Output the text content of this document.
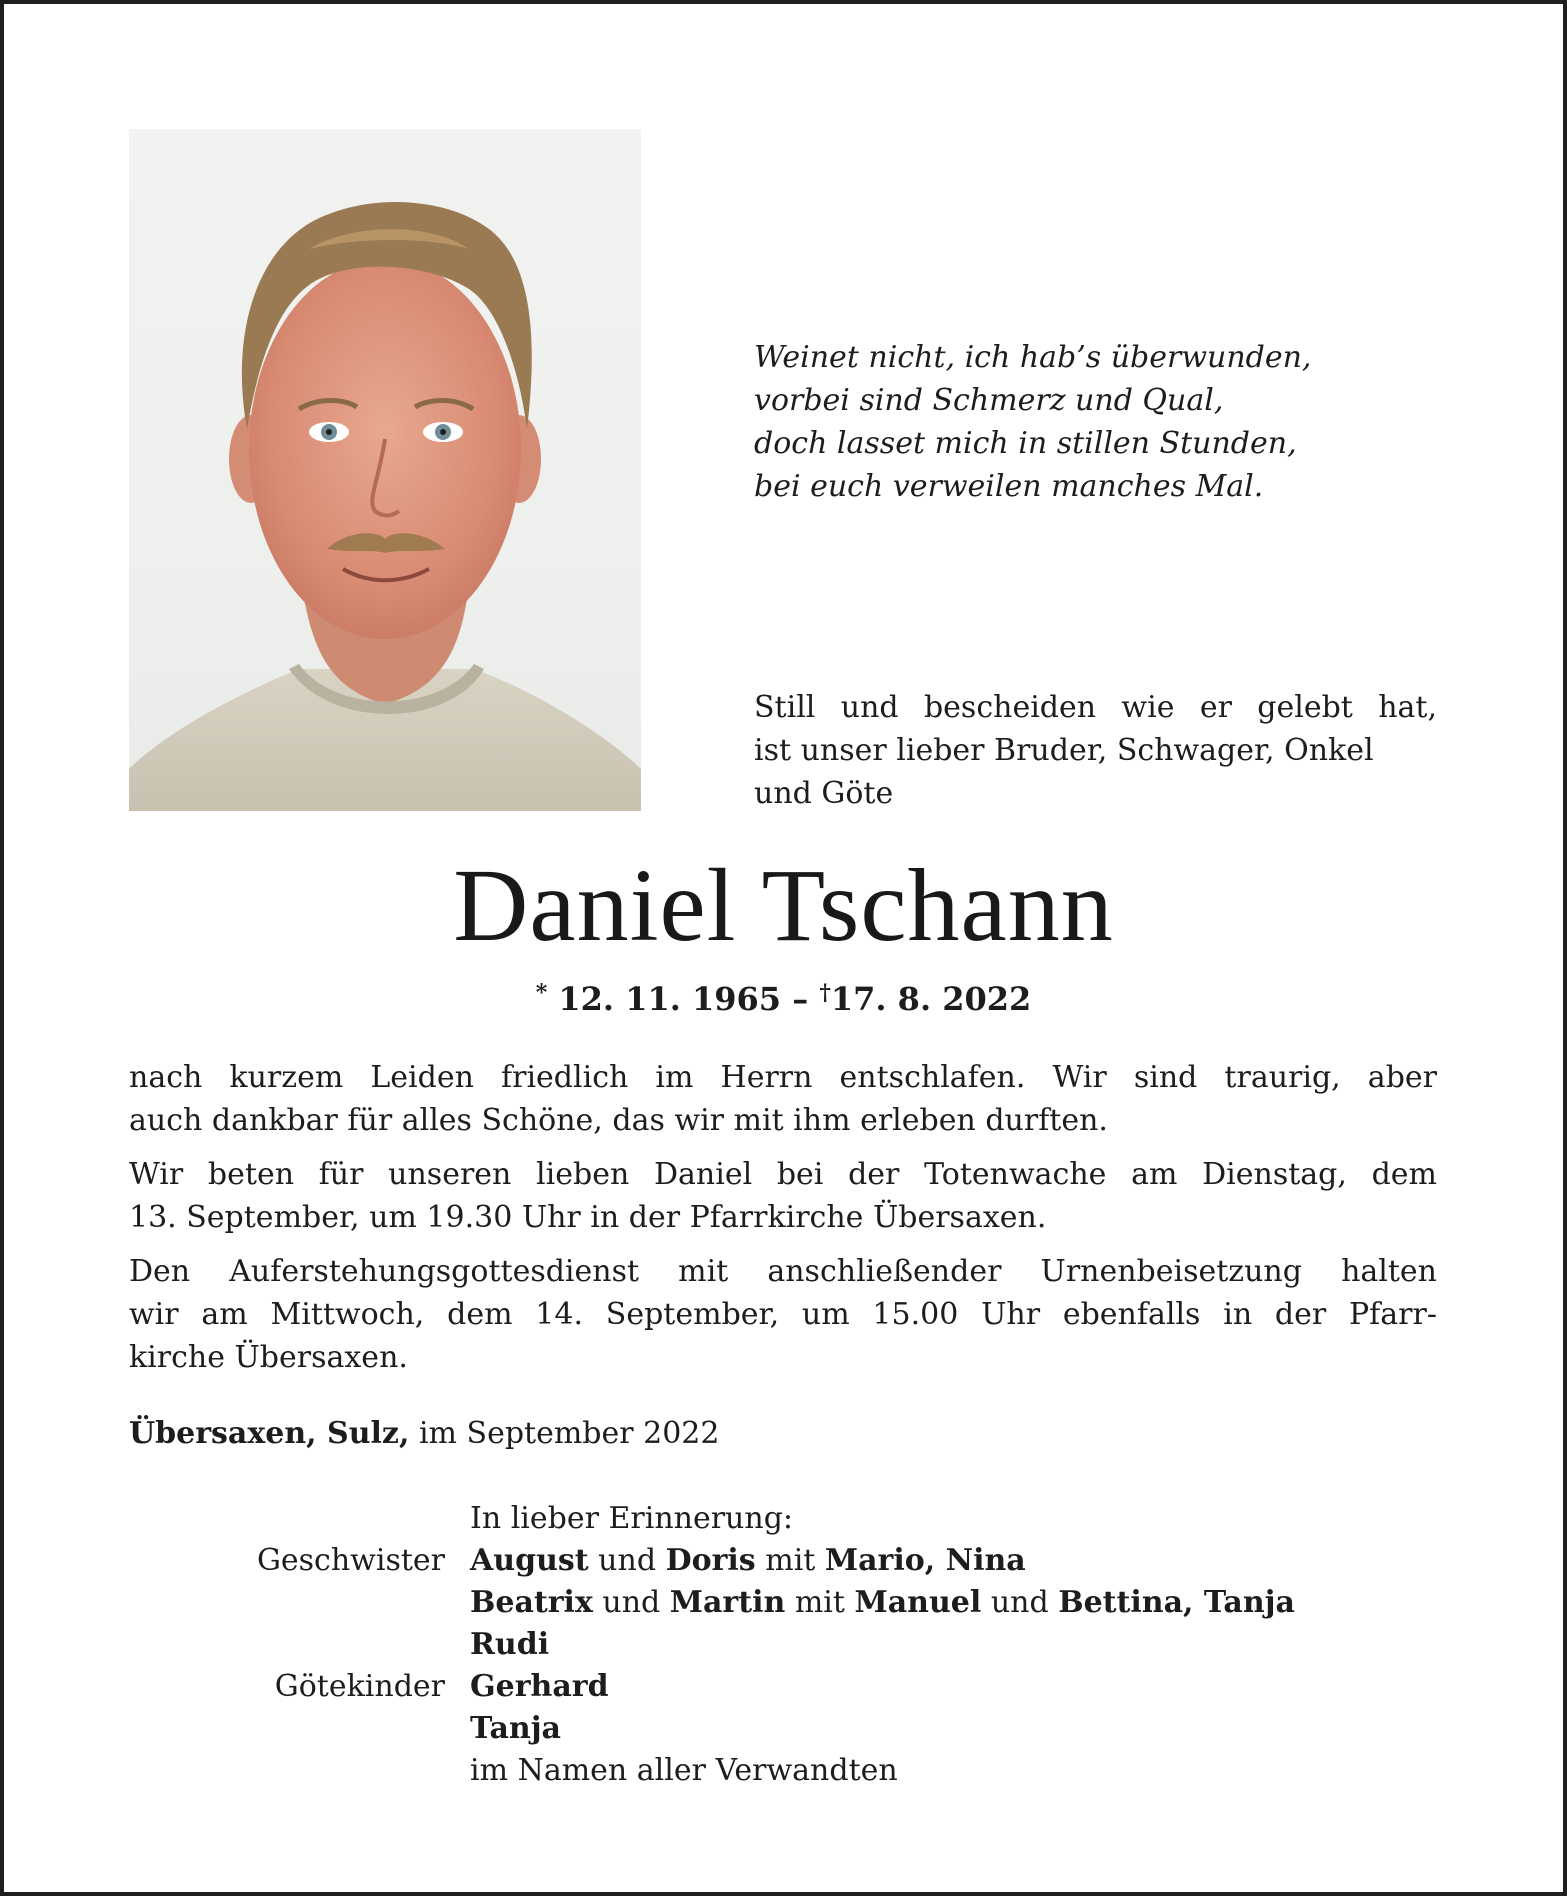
Weinet nicht, ich hab’s überwunden,
vorbei sind Schmerz und Qual,
doch lasset mich in stillen Stunden,
bei euch verweilen manches Mal.
Still und bescheiden wie er gelebt hat,
ist unser lieber Bruder, Schwager, Onkel
und Göte
Daniel Tschann
* 12. 11. 1965 – †17. 8. 2022

nach kurzem Leiden friedlich im Herrn entschlafen. Wir sind traurig, aber
auch dankbar für alles Schöne, das wir mit ihm erleben durften.

Wir beten für unseren lieben Daniel bei der Totenwache am Dienstag, dem
13. September, um 19.30 Uhr in der Pfarrkirche Übersaxen.

Den Auferstehungsgottesdienst mit anschließender Urnenbeisetzung halten
wir am Mittwoch, dem 14. September, um 15.00 Uhr ebenfalls in der Pfarr-
kirche Übersaxen.

Übersaxen, Sulz, im September 2022
In lieber Erinnerung:
Geschwister August und Doris mit Mario, Nina
Beatrix und Martin mit Manuel und Bettina, Tanja
Rudi
Götekinder Gerhard
Tanja
im Namen aller Verwandten
